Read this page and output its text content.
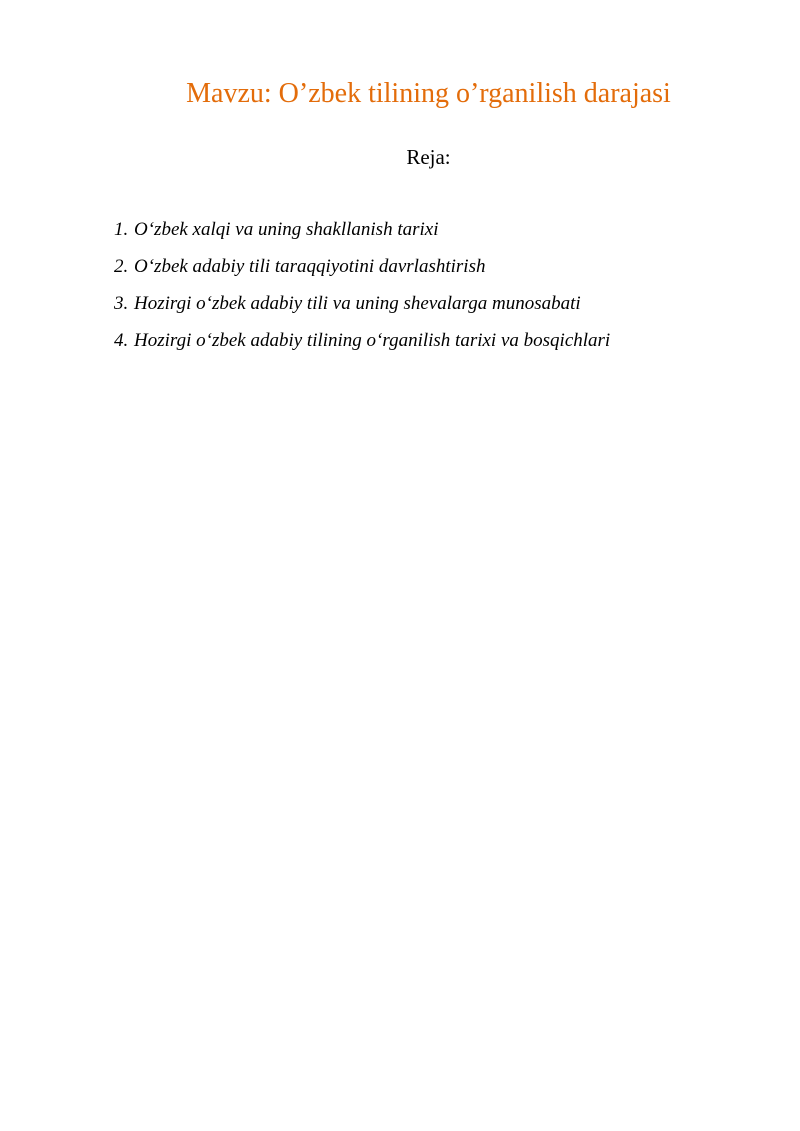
Mavzu: O’zbek tilining o’rganilish darajasi
Reja:
1. O‘zbek xalqi va uning shakllanish tarixi
2. O‘zbek adabiy tili taraqqiyotini davrlashtirish
3. Hozirgi o‘zbek adabiy tili va uning shevalarga munosabati
4. Hozirgi o‘zbek adabiy tilining o‘rganilish tarixi va bosqichlari
